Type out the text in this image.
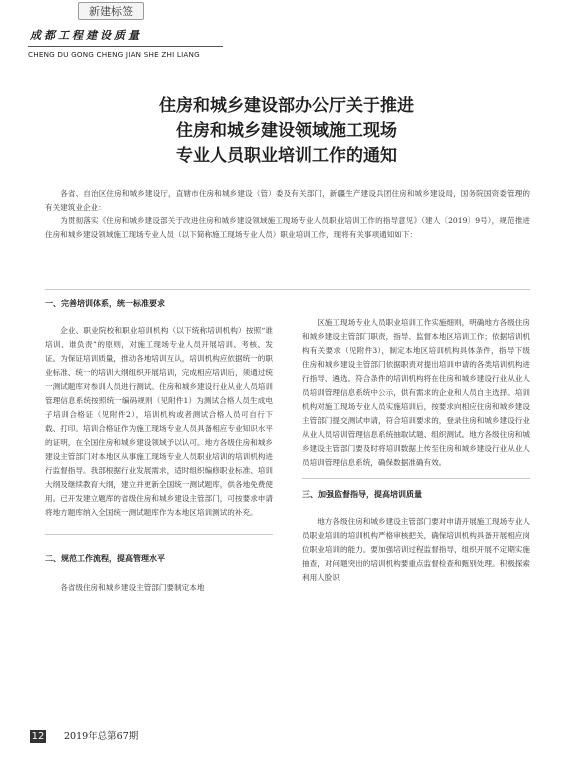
新建标签
成都工程建设质量
CHENG DU GONG CHENG JIAN SHE ZHI LIANG
住房和城乡建设部办公厅关于推进
住房和城乡建设领域施工现场
专业人员职业培训工作的通知

各省、自治区住房和城乡建设厅，直辖市住房和城乡建设（管）委及有关部门，新疆生产建设兵团住房和城乡建设局，国务院国资委管理的有关建筑业企业：

为贯彻落实《住房和城乡建设部关于改进住房和城乡建设领域施工现场专业人员职业培训工作的指导意见》（建人〔2019〕9号），规范推进住房和城乡建设领域施工现场专业人员（以下简称施工现场专业人员）职业培训工作，现将有关事项通知如下：

一、完善培训体系，统一标准要求

企业、职业院校和职业培训机构（以下统称培训机构）按照“谁培训、谁负责”的原则，对施工现场专业人员开展培训、考核、发证。为保证培训质量，推动各地培训互认，培训机构应依据统一的职业标准、统一的培训大纲组织开展培训，完成相应培训后，须通过统一测试题库对参训人员进行测试。住房和城乡建设行业从业人员培训管理信息系统按照统一编码规则（见附件1）为测试合格人员生成电子培训合格证（见附件2），培训机构或者测试合格人员可自行下载、打印。培训合格证作为施工现场专业人员具备相应专业知识水平的证明，在全国住房和城乡建设领域予以认可。地方各级住房和城乡建设主管部门对本地区从事施工现场专业人员职业培训的培训机构进行监督指导。我部根据行业发展需求，适时组织编修职业标准、培训大纲及继续教育大纲，建立并更新全国统一测试题库，供各地免费使用。已开发建立题库的省级住房和城乡建设主管部门，可按要求申请将地方题库纳入全国统一测试题库作为本地区培训测试的补充。

二、规范工作流程，提高管理水平

各省级住房和城乡建设主管部门要制定本地

区施工现场专业人员职业培训工作实施细则，明确地方各级住房和城乡建设主管部门职责，指导、监督本地区培训工作；依据培训机构有关要求（见附件3），制定本地区培训机构具体条件，指导下级住房和城乡建设主管部门依据职责对提出培训申请的各类培训机构进行指导、遴选。符合条件的培训机构将在住房和城乡建设行业从业人员培训管理信息系统中公示，供有需求的企业和人员自主选择。培训机构对施工现场专业人员实施培训后，按要求向相应住房和城乡建设主管部门提交测试申请，符合培训要求的，登录住房和城乡建设行业从业人员培训管理信息系统抽取试题、组织测试。地方各级住房和城乡建设主管部门要及时将培训数据上传至住房和城乡建设行业从业人员培训管理信息系统，确保数据准确有效。

三、加强监督指导，提高培训质量

地方各级住房和城乡建设主管部门要对申请开展施工现场专业人员职业培训的培训机构严格审核把关，确保培训机构具备开展相应岗位职业培训的能力。要加强培训过程监督指导，组织开展不定期实施抽查，对问题突出的培训机构要重点监督检查和甄别处理。积极探索利用人脸识

12 2019年总第67期
